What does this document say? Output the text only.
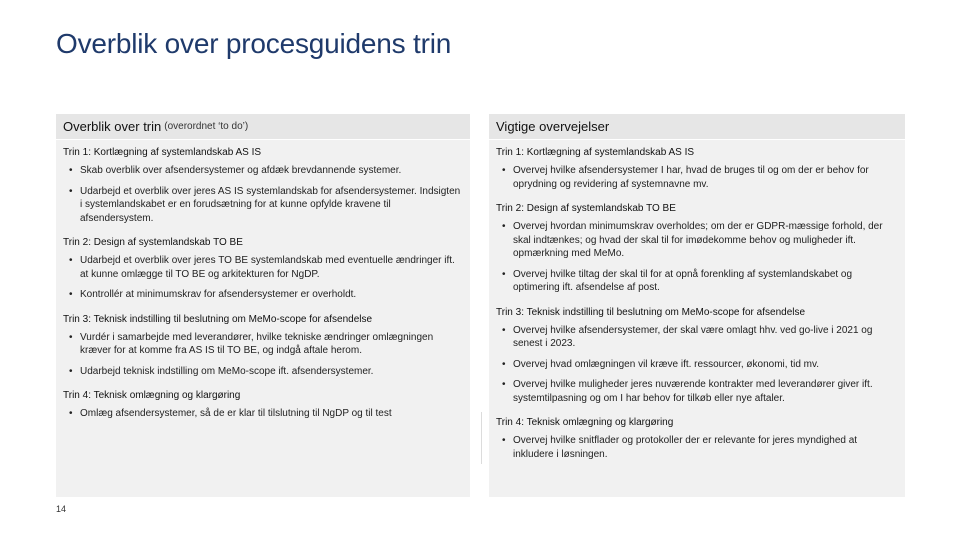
Overblik over procesguidens trin
Overblik over trin (overordnet ‘to do’)
Trin 1: Kortlægning af systemlandskab AS IS
• Skab overblik over afsendersystemer og afdæk brevdannende systemer.
• Udarbejd et overblik over jeres AS IS systemlandskab for afsendersystemer. Indsigten i systemlandskabet er en forudsætning for at kunne opfylde kravene til afsendersystem.
Trin 2: Design af systemlandskab TO BE
• Udarbejd et overblik over jeres TO BE systemlandskab med eventuelle ændringer ift. at kunne omlægge til TO BE og arkitekturen for NgDP.
• Kontrollér at minimumskrav for afsendersystemer er overholdt.
Trin 3: Teknisk indstilling til beslutning om MeMo-scope for afsendelse
• Vurdér i samarbejde med leverandører, hvilke tekniske ændringer omlægningen kræver for at komme fra AS IS til TO BE, og indgå aftale herom.
• Udarbejd teknisk indstilling om MeMo-scope ift. afsendersystemer.
Trin 4: Teknisk omlægning og klargøring
• Omlæg afsendersystemer, så de er klar til tilslutning til NgDP og til test
Vigtige overvejelser
Trin 1: Kortlægning af systemlandskab AS IS
• Overvej hvilke afsendersystemer I har, hvad de bruges til og om der er behov for oprydning og revidering af systemnavne mv.
Trin 2: Design af systemlandskab TO BE
• Overvej hvordan minimumskrav overholdes; om der er GDPR-mæssige forhold, der skal indtænkes; og hvad der skal til for imødekomme behov og muligheder ift. opmærkning med MeMo.
• Overvej hvilke tiltag der skal til for at opnå forenkling af systemlandskabet og optimering ift. afsendelse af post.
Trin 3: Teknisk indstilling til beslutning om MeMo-scope for afsendelse
• Overvej hvilke afsendersystemer, der skal være omlagt hhv. ved go-live i 2021 og senest i 2023.
• Overvej hvad omlægningen vil kræve ift. ressourcer, økonomi, tid mv.
• Overvej hvilke muligheder jeres nuværende kontrakter med leverandører giver ift. systemtilpasning og om I har behov for tilkøb eller nye aftaler.
Trin 4: Teknisk omlægning og klargøring
• Overvej hvilke snitflader og protokoller der er relevante for jeres myndighed at inkludere i løsningen.
14
